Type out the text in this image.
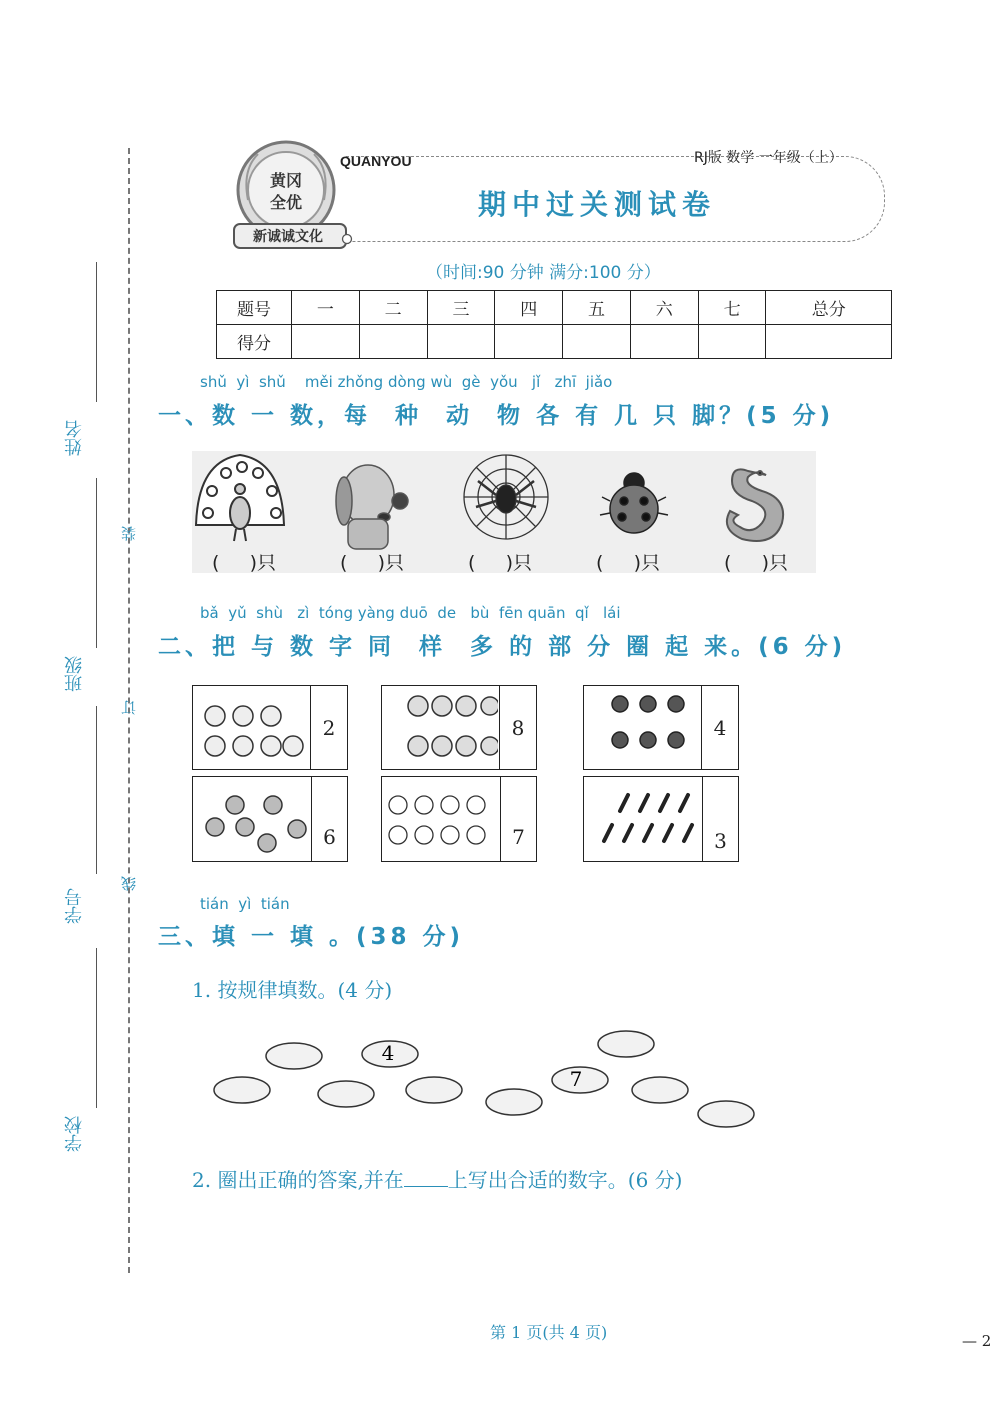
姓名
班级
学号
学校
装
订
线
新诚诚文化
黄冈
全优
QUANYOU	RJ版 数学 一年级（上）
期中过关测试卷
（时间:90 分钟 满分:100 分）
题号	一	二	三	四	五	六	七	总分
得分								
shǔ  yì  shǔ    měi zhǒng dòng wù  gè  yǒu   jǐ   zhī  jiǎo
一、数 一 数，每  种  动  物 各 有 几 只 脚？(5 分)
(     )只	(     )只	(     )只	(     )只	(     )只
bǎ  yǔ  shù   zì  tóng yàng duō  de   bù  fēn quān  qǐ   lái
二、把 与 数 字 同  样  多 的 部 分 圈 起 来。(6 分)
2	8	4
6	7	3
tián  yì  tián
三、填 一 填 。(38 分)
1. 按规律填数。(4 分)
4
7
2. 圈出正确的答案,并在 上写出合适的数字。(6 分)
第 1 页(共 4 页)	— 2
